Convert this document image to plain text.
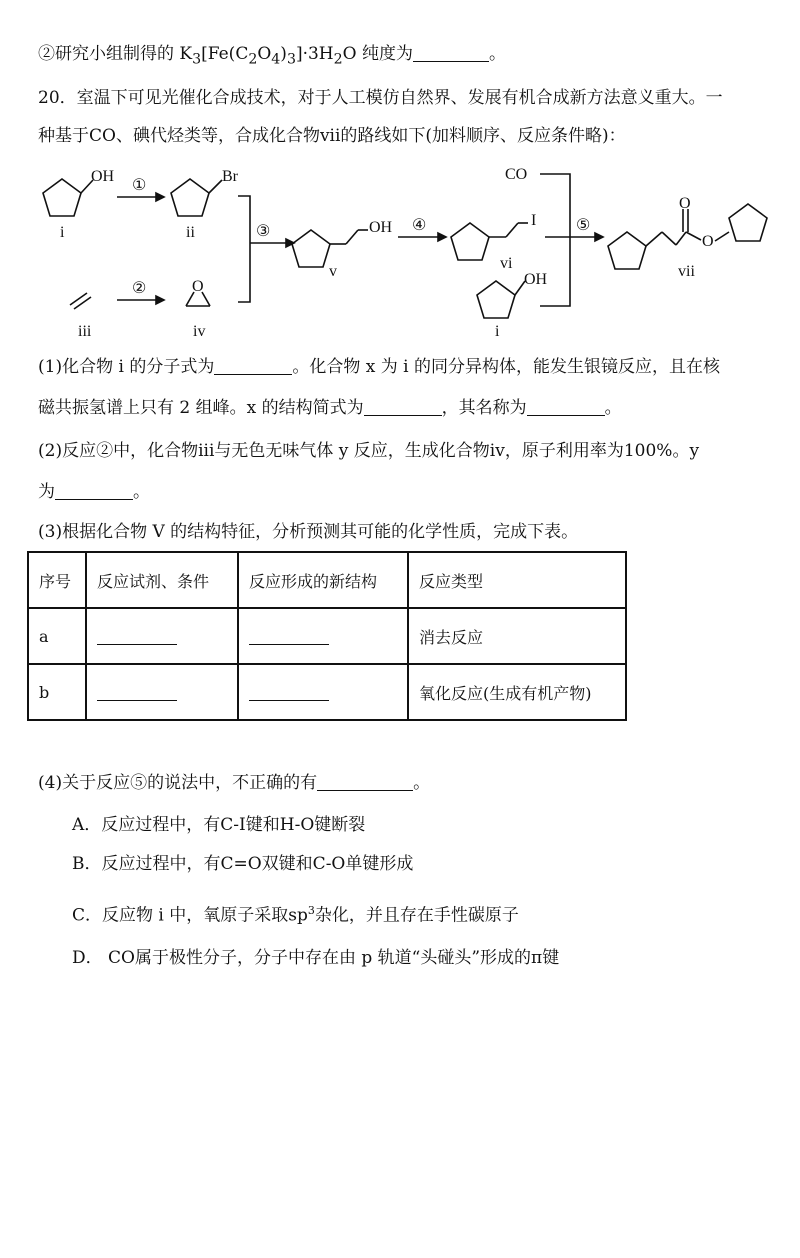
②研究小组制得的 $K_3[Fe(C_2O_4)_3]\cdot 3H_2O$ 纯度为	。
20．室温下可见光催化合成技术，对于人工模仿自然界、发展有机合成新方法意义重大。一
种基于CO、碘代烃类等，合成化合物vii的路线如下(加料顺序、反应条件略)：
OH
i
①
Br
ii
iii
②	O
iv
③	OH
v
④	I
vi
CO
OH
i
⑤
O
O
vii
(1)化合物 i 的分子式为	。化合物 x 为 i 的同分异构体，能发生银镜反应，且在核
磁共振氢谱上只有 2 组峰。x 的结构简式为	，其名称为	。
(2)反应②中，化合物iii与无色无味气体 y 反应，生成化合物iv，原子利用率为100%。y
为	。
(3)根据化合物 V 的结构特征，分析预测其可能的化学性质，完成下表。
序号	反应试剂、条件	反应形成的新结构	反应类型
a			消去反应
b			氧化反应(生成有机产物)
(4)关于反应⑤的说法中，不正确的有	。
A．反应过程中，有C-I键和H-O键断裂
B．反应过程中，有C=O双键和C-O单键形成
C．反应物 i 中，氧原子采取$sp^3$杂化，并且存在手性碳原子
D． CO属于极性分子，分子中存在由 p 轨道“头碰头”形成的π键
